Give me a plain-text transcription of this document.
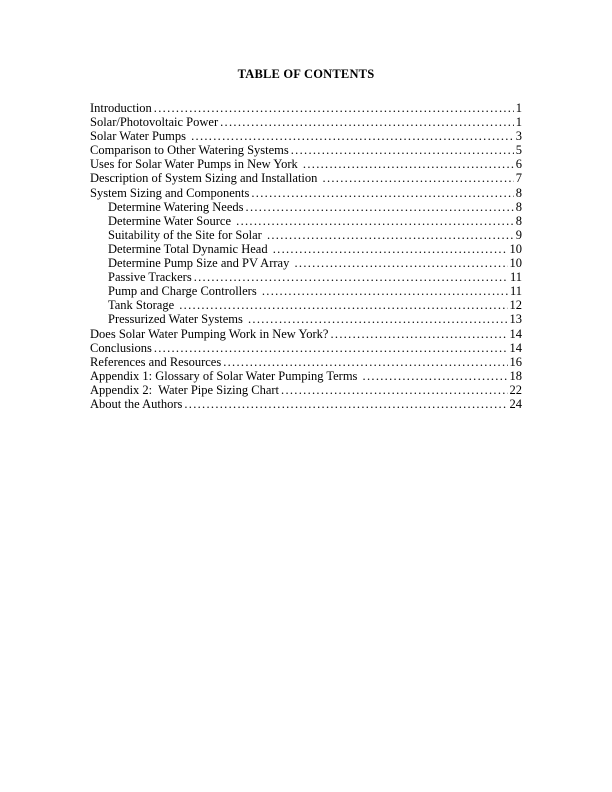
TABLE OF CONTENTS
Introduction .....	1
Solar/Photovoltaic Power .....	1
Solar Water Pumps .....	3
Comparison to Other Watering Systems .....	5
Uses for Solar Water Pumps in New York .....	6
Description of System Sizing and Installation .....	7
System Sizing and Components .....	8
Determine Watering Needs .....	8
Determine Water Source .....	8
Suitability of the Site for Solar .....	9
Determine Total Dynamic Head .....	10
Determine Pump Size and PV Array .....	10
Passive Trackers .....	11
Pump and Charge Controllers .....	11
Tank Storage .....	12
Pressurized Water Systems .....	13
Does Solar Water Pumping Work in New York? .....	14
Conclusions .....	14
References and Resources .....	16
Appendix 1: Glossary of Solar Water Pumping Terms .....	18
Appendix 2:  Water Pipe Sizing Chart .....	22
About the Authors .....	24
